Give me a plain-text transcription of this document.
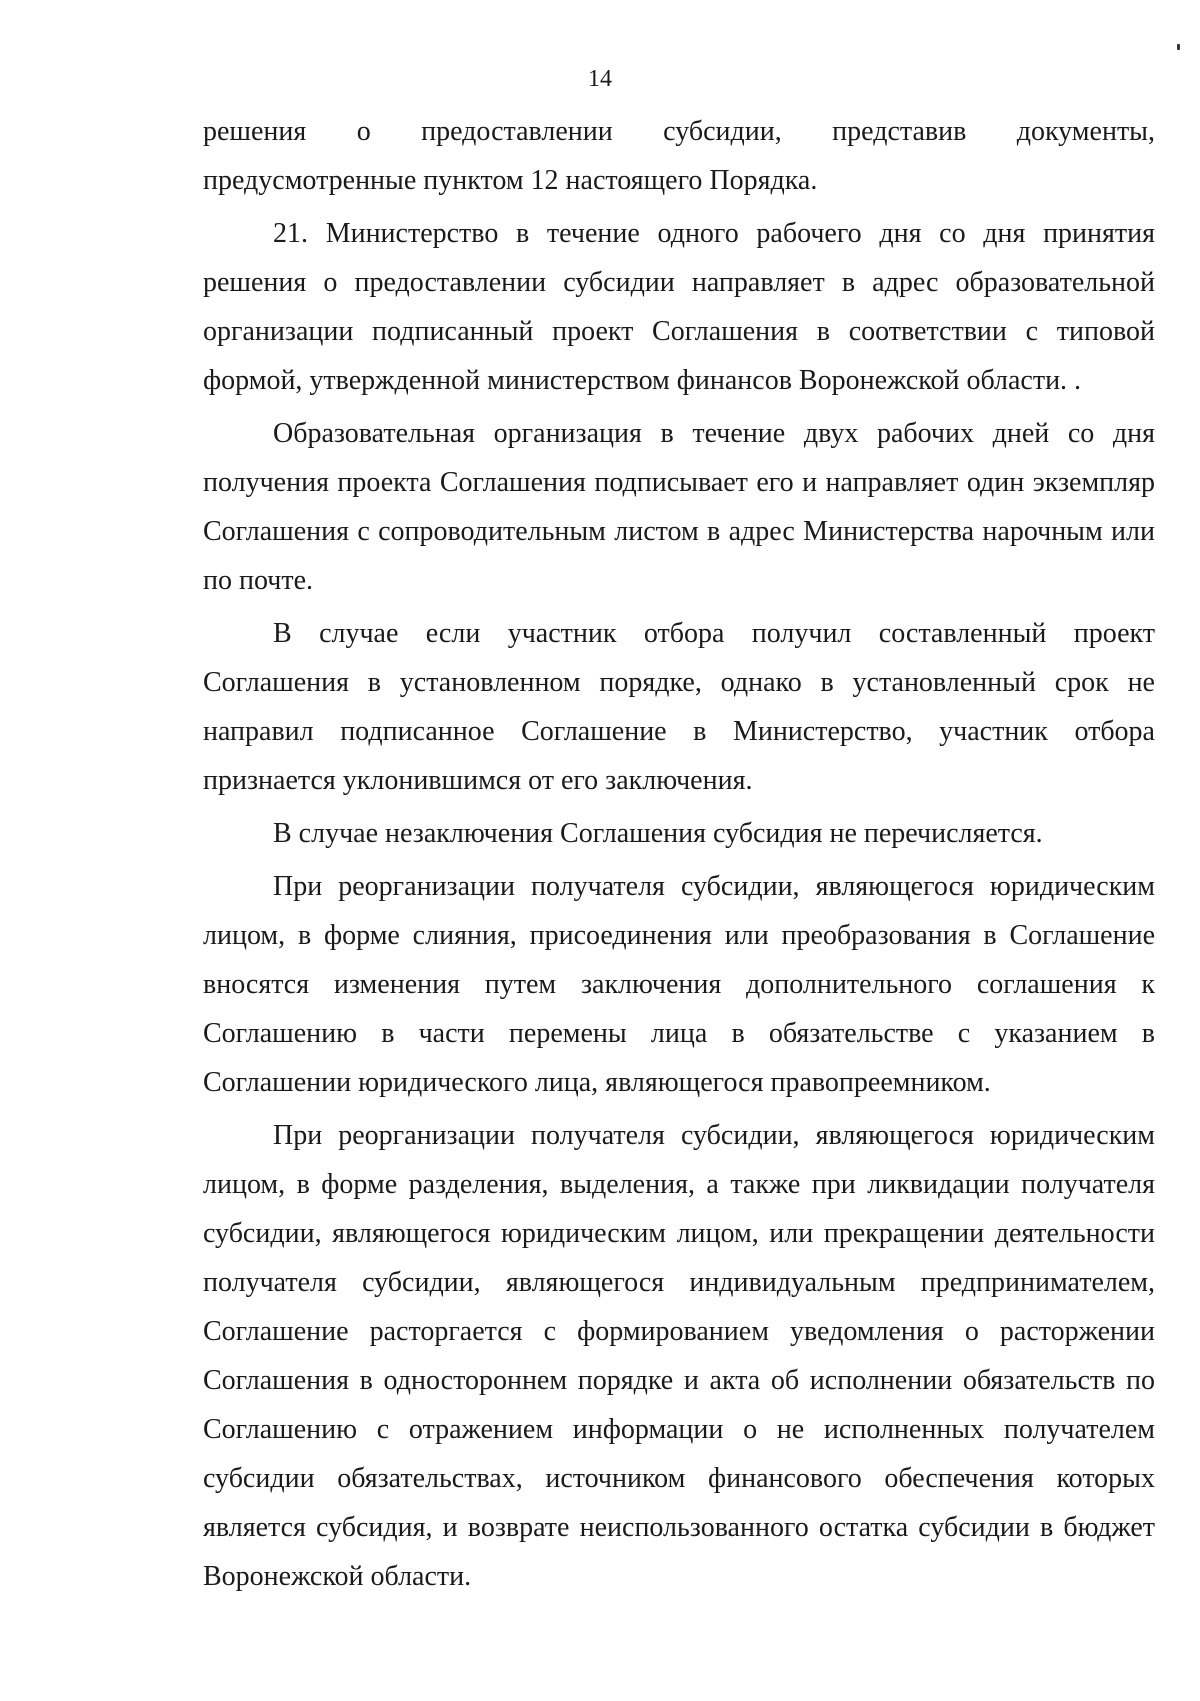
14

решения о предоставлении субсидии, представив документы, предусмотренные пунктом 12 настоящего Порядка.

21. Министерство в течение одного рабочего дня со дня принятия решения о предоставлении субсидии направляет в адрес образовательной организации подписанный проект Соглашения в соответствии с типовой формой, утвержденной министерством финансов Воронежской области. .

Образовательная организация в течение двух рабочих дней со дня получения проекта Соглашения подписывает его и направляет один экземпляр Соглашения с сопроводительным листом в адрес Министерства нарочным или по почте.

В случае если участник отбора получил составленный проект Соглашения в установленном порядке, однако в установленный срок не направил подписанное Соглашение в Министерство, участник отбора признается уклонившимся от его заключения.

В случае незаключения Соглашения субсидия не перечисляется.

При реорганизации получателя субсидии, являющегося юридическим лицом, в форме слияния, присоединения или преобразования в Соглашение вносятся изменения путем заключения дополнительного соглашения к Соглашению в части перемены лица в обязательстве с указанием в Соглашении юридического лица, являющегося правопреемником.

При реорганизации получателя субсидии, являющегося юридическим лицом, в форме разделения, выделения, а также при ликвидации получателя субсидии, являющегося юридическим лицом, или прекращении деятельности получателя субсидии, являющегося индивидуальным предпринимателем, Соглашение расторгается с формированием уведомления о расторжении Соглашения в одностороннем порядке и акта об исполнении обязательств по Соглашению с отражением информации о не исполненных получателем субсидии обязательствах, источником финансового обеспечения которых является субсидия, и возврате неиспользованного остатка субсидии в бюджет Воронежской области.
